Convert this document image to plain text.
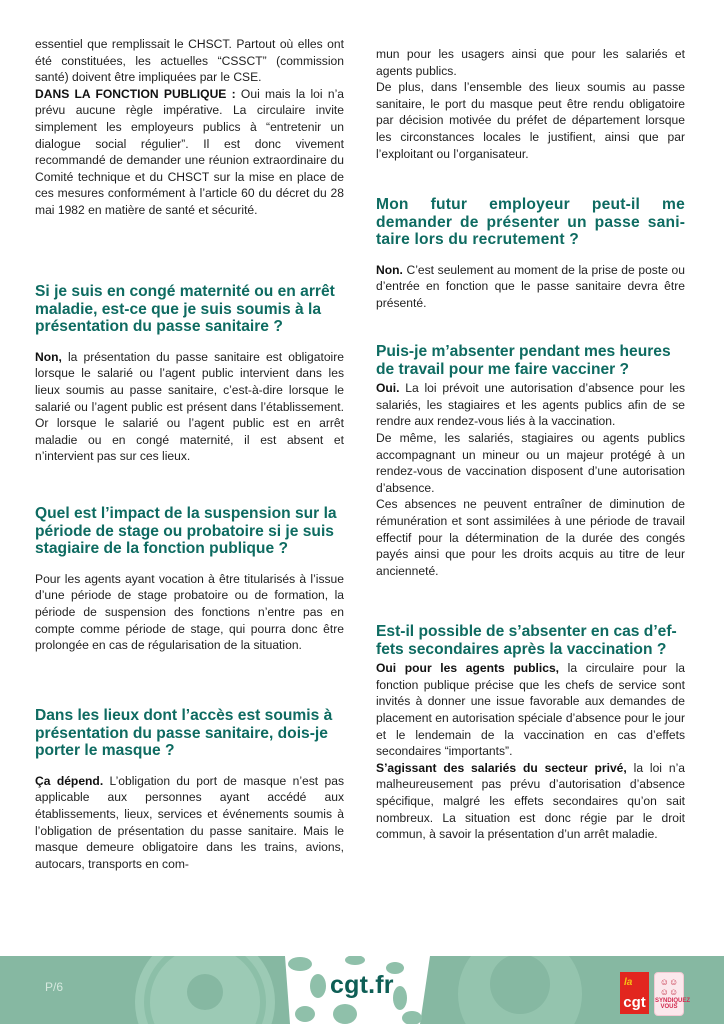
essentiel que remplissait le CHSCT. Partout où elles ont été constituées, les actuelles “CSSCT” (commission santé) doivent être impliquées par le CSE.

DANS LA FONCTION PUBLIQUE : Oui mais la loi n’a prévu aucune règle impérative. La circulaire invite simplement les employeurs publics à “entretenir un dialogue social régulier”. Il est donc vivement recommandé de demander une réunion extraordinaire du Comité technique et du CHSCT sur la mise en place de ces mesures conformément à l’article 60 du décret du 28 mai 1982 en matière de santé et sécurité.

Si je suis en congé maternité ou en arrêt maladie, est-ce que je suis soumis à la présentation du passe sanitaire ?

Non, la présentation du passe sanitaire est obligatoire lorsque le salarié ou l’agent public intervient dans les lieux soumis au passe sanitaire, c’est-à-dire lorsque le salarié ou l’agent public est présent dans l’établissement. Or lorsque le salarié ou l’agent public est en arrêt maladie ou en congé maternité, il est absent et n’intervient pas sur ces lieux.

Quel est l’impact de la suspension sur la période de stage ou probatoire si je suis stagiaire de la fonction publique ?

Pour les agents ayant vocation à être titularisés à l’issue d’une période de stage probatoire ou de formation, la période de suspension des fonctions n’entre pas en compte comme période de stage, qui pourra donc être prolongée en cas de régularisation de la situation.

Dans les lieux dont l’accès est soumis à présentation du passe sanitaire, dois-je porter le masque ?

Ça dépend. L’obligation du port de masque n’est pas applicable aux personnes ayant accédé aux établissements, lieux, services et événements soumis à l’obligation de présentation du passe sanitaire. Mais le masque demeure obligatoire dans les trains, avions, autocars, transports en com-

mun pour les usagers ainsi que pour les salariés et agents publics.

De plus, dans l’ensemble des lieux soumis au passe sanitaire, le port du masque peut être rendu obligatoire par décision motivée du préfet de département lorsque les circonstances locales le justifient, ainsi que par l’exploitant ou l’organisateur.

Mon futur employeur peut-il me demander de présenter un passe sanitaire lors du recrutement ?

Non. C’est seulement au moment de la prise de poste ou d’entrée en fonction que le passe sanitaire devra être présenté.

Puis-je m’absenter pendant mes heures de travail pour me faire vacciner ?

Oui. La loi prévoit une autorisation d’absence pour les salariés, les stagiaires et les agents publics afin de se rendre aux rendez-vous liés à la vaccination.

De même, les salariés, stagiaires ou agents publics accompagnant un mineur ou un majeur protégé à un rendez-vous de vaccination disposent d’une autorisation d’absence.

Ces absences ne peuvent entraîner de diminution de rémunération et sont assimilées à une période de travail effectif pour la détermination de la durée des congés payés ainsi que pour les droits acquis au titre de leur ancienneté.

Est-il possible de s’absenter en cas d’effets secondaires après la vaccination ?

Oui pour les agents publics, la circulaire pour la fonction publique précise que les chefs de service sont invités à donner une issue favorable aux demandes de placement en autorisation spéciale d’absence pour le jour et le lendemain de la vaccination en cas d’effets secondaires “importants”.

S’agissant des salariés du secteur privé, la loi n’a malheureusement pas prévu d’autorisation d’absence spécifique, malgré les effets secondaires qu’on sait nombreux. La situation est donc régie par le droit commun, à savoir la présentation d’un arrêt maladie.

P/6	cgt.fr	la
cgt
☺☺ ☺☺
SYNDIQUEZ
VOUS
